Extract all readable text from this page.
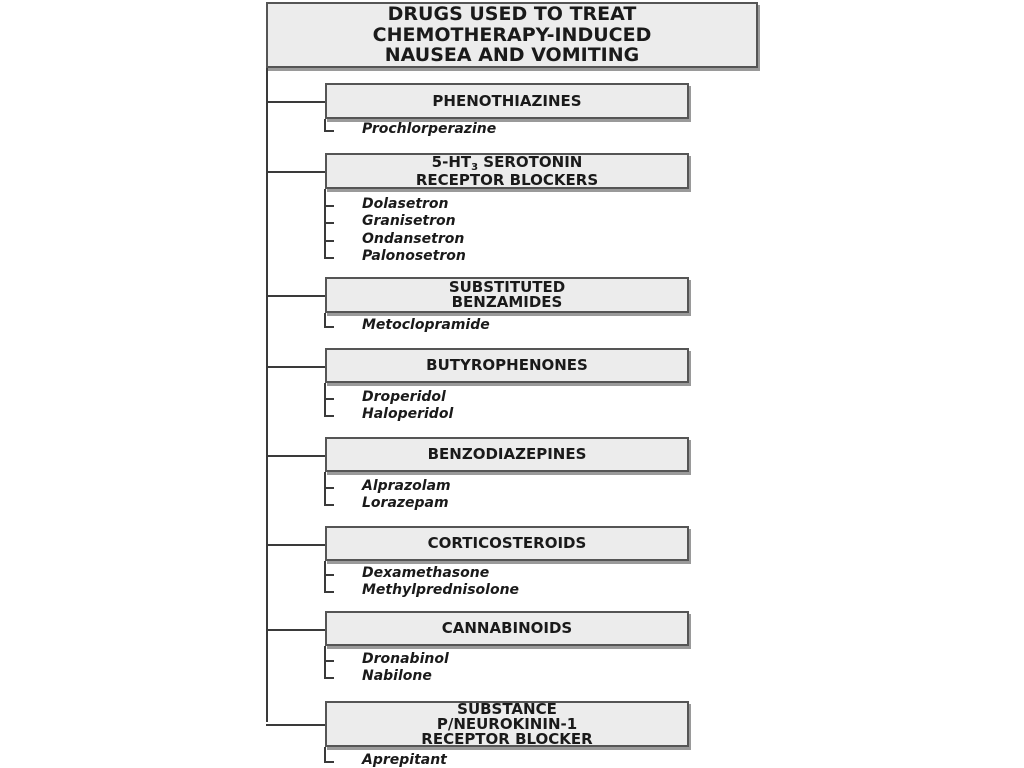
DRUGS USED TO TREAT
CHEMOTHERAPY-INDUCED
NAUSEA AND VOMITING
PHENOTHIAZINES
Prochlorperazine
$5-HT_3$ SEROTONIN
RECEPTOR BLOCKERS
Dolasetron
Granisetron
Ondansetron
Palonosetron
SUBSTITUTED
BENZAMIDES
Metoclopramide
BUTYROPHENONES
Droperidol
Haloperidol
BENZODIAZEPINES
Alprazolam
Lorazepam
CORTICOSTEROIDS
Dexamethasone
Methylprednisolone
CANNABINOIDS
Dronabinol
Nabilone
SUBSTANCE
P/NEUROKININ-1
RECEPTOR BLOCKER
Aprepitant
